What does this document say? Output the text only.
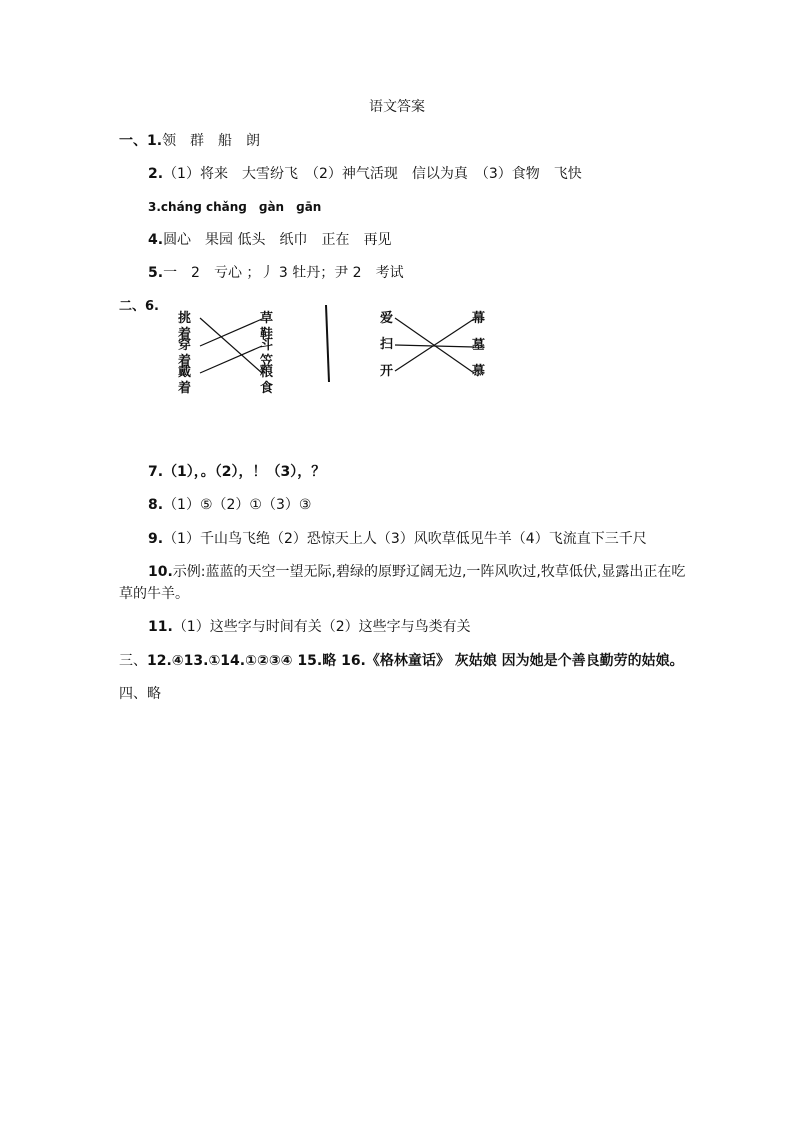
语文答案
一、1.领　群　船　朗
2.（1）将来　大雪纷飞　（2）神气活现　信以为真　（3）食物　飞快
3.chánɡ chǎnɡ　ɡàn　ɡān
4.圆心　果园 低头　纸巾　正在　再见
5.一　2　亏心 ；丿 3 牡丹；尹 2　考试
二、6.
挑着
穿着
戴着
草鞋
斗笠
粮食
爱
扫
开
幕
墓
慕
7.（1），。（2），！（3），？
8.（1）⑤（2）①（3）③
9.（1）千山鸟飞绝（2）恐惊天上人（3）风吹草低见牛羊（4）飞流直下三千尺
10.示例:蓝蓝的天空一望无际,碧绿的原野辽阔无边,一阵风吹过,牧草低伏,显露出正在吃
草的牛羊。
11.（1）这些字与时间有关（2）这些字与鸟类有关
三、12.④13.①14.①②③④ 15.略 16.《格林童话》 灰姑娘 因为她是个善良勤劳的姑娘。
四、略
